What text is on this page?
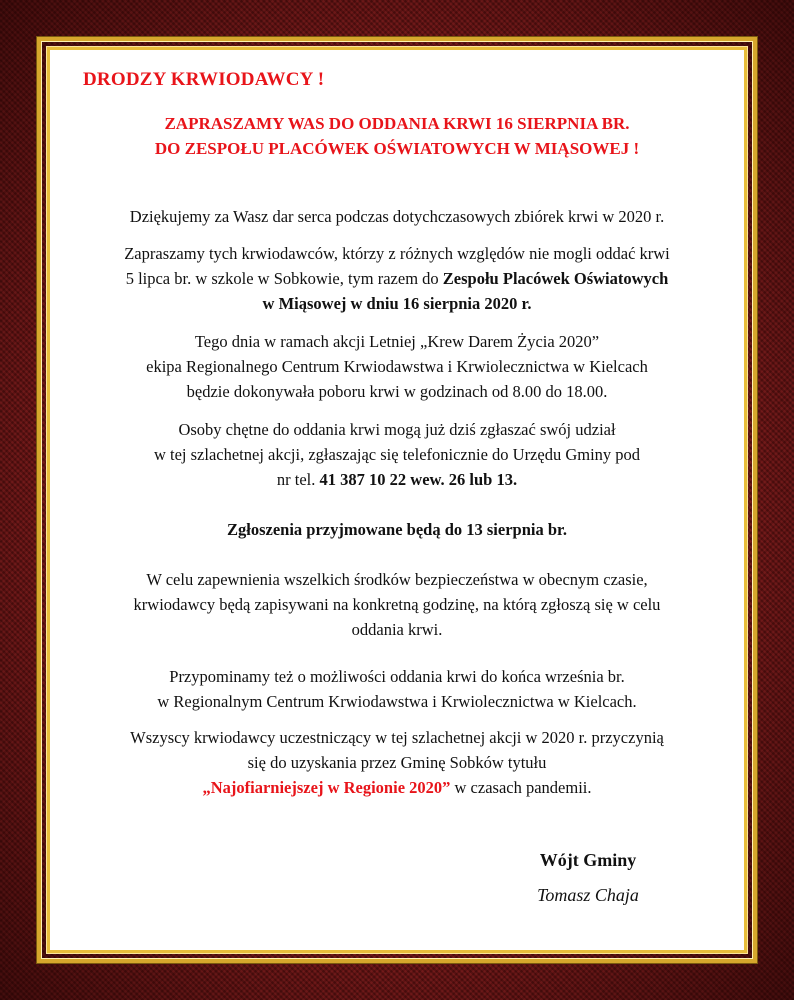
DRODZY KRWIODAWCY !
ZAPRASZAMY WAS DO ODDANIA KRWI 16 SIERPNIA BR.
DO ZESPOŁU PLACÓWEK OŚWIATOWYCH W MIĄSOWEJ !

Dziękujemy za Wasz dar serca podczas dotychczasowych zbiórek krwi w 2020 r.

Zapraszamy tych krwiodawców, którzy z różnych względów nie mogli oddać krwi
5 lipca br. w szkole w Sobkowie, tym razem do Zespołu Placówek Oświatowych
w Miąsowej w dniu 16 sierpnia 2020 r.

Tego dnia w ramach akcji Letniej „Krew Darem Życia 2020”
ekipa Regionalnego Centrum Krwiodawstwa i Krwiolecznictwa w Kielcach
będzie dokonywała poboru krwi w godzinach od 8.00 do 18.00.

Osoby chętne do oddania krwi mogą już dziś zgłaszać swój udział
w tej szlachetnej akcji, zgłaszając się telefonicznie do Urzędu Gminy pod
nr tel. 41 387 10 22 wew. 26 lub 13.

Zgłoszenia przyjmowane będą do 13 sierpnia br.

W celu zapewnienia wszelkich środków bezpieczeństwa w obecnym czasie,
krwiodawcy będą zapisywani na konkretną godzinę, na którą zgłoszą się w celu
oddania krwi.

Przypominamy też o możliwości oddania krwi do końca września br.
w Regionalnym Centrum Krwiodawstwa i Krwiolecznictwa w Kielcach.

Wszyscy krwiodawcy uczestniczący w tej szlachetnej akcji w 2020 r. przyczynią
się do uzyskania przez Gminę Sobków tytułu
„Najofiarniejszej w Regionie 2020” w czasach pandemii.

Wójt Gminy

Tomasz Chaja
